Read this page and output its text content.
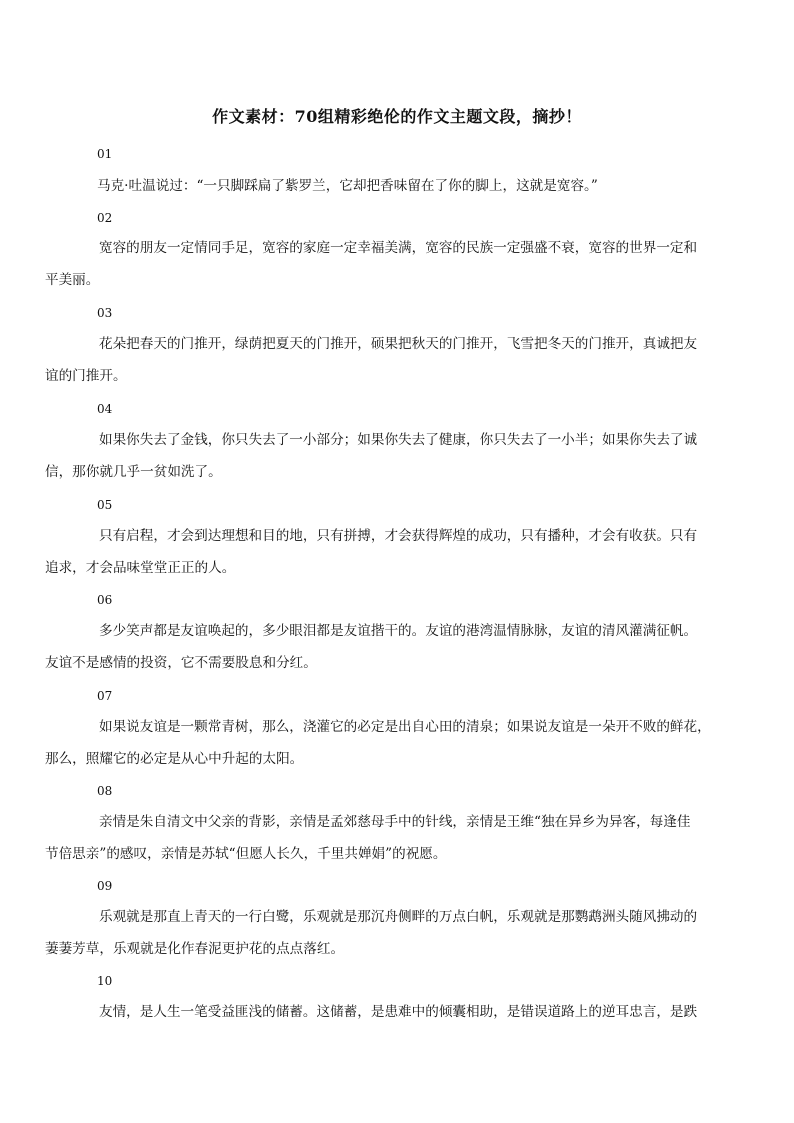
作文素材：70组精彩绝伦的作文主题文段，摘抄！
01
马克·吐温说过：“一只脚踩扁了紫罗兰，它却把香味留在了你的脚上，这就是宽容。”
02
宽容的朋友一定情同手足，宽容的家庭一定幸福美满，宽容的民族一定强盛不衰，宽容的世界一定和
平美丽。
03
花朵把春天的门推开，绿荫把夏天的门推开，硕果把秋天的门推开，飞雪把冬天的门推开，真诚把友
谊的门推开。
04
如果你失去了金钱，你只失去了一小部分；如果你失去了健康，你只失去了一小半；如果你失去了诚
信，那你就几乎一贫如洗了。
05
只有启程，才会到达理想和目的地，只有拼搏，才会获得辉煌的成功，只有播种，才会有收获。只有
追求，才会品味堂堂正正的人。
06
多少笑声都是友谊唤起的，多少眼泪都是友谊揩干的。友谊的港湾温情脉脉，友谊的清风灌满征帆。
友谊不是感情的投资，它不需要股息和分红。
07
如果说友谊是一颗常青树，那么，浇灌它的必定是出自心田的清泉；如果说友谊是一朵开不败的鲜花，
那么，照耀它的必定是从心中升起的太阳。
08
亲情是朱自清文中父亲的背影，亲情是孟郊慈母手中的针线，亲情是王维“独在异乡为异客，每逢佳
节倍思亲”的感叹，亲情是苏轼“但愿人长久，千里共婵娟”的祝愿。
09
乐观就是那直上青天的一行白鹭，乐观就是那沉舟侧畔的万点白帆，乐观就是那鹦鹉洲头随风拂动的
萋萋芳草，乐观就是化作春泥更护花的点点落红。
10
友情，是人生一笔受益匪浅的储蓄。这储蓄，是患难中的倾囊相助，是错误道路上的逆耳忠言，是跌
